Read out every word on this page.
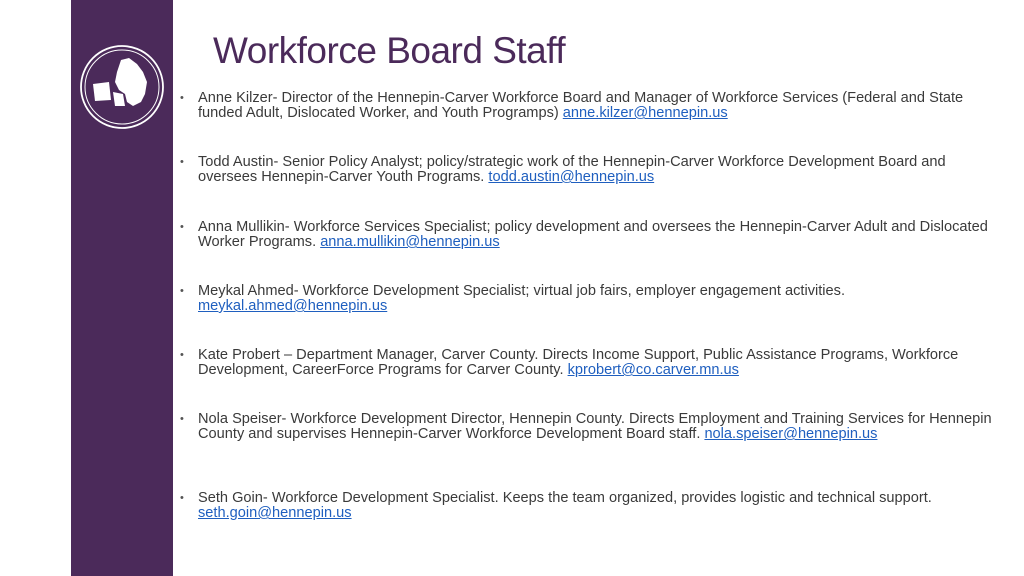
Workforce Board Staff
• Anne Kilzer- Director of the Hennepin-Carver Workforce Board and Manager of Workforce Services (Federal and State funded Adult, Dislocated Worker, and Youth Programps) anne.kilzer@hennepin.us
• Todd Austin- Senior Policy Analyst; policy/strategic work of the Hennepin-Carver Workforce Development Board and oversees Hennepin-Carver Youth Programs. todd.austin@hennepin.us
• Anna Mullikin- Workforce Services Specialist; policy development and oversees the Hennepin-Carver Adult and Dislocated Worker Programs. anna.mullikin@hennepin.us
• Meykal Ahmed- Workforce Development Specialist; virtual job fairs, employer engagement activities. meykal.ahmed@hennepin.us
• Kate Probert – Department Manager, Carver County. Directs Income Support, Public Assistance Programs, Workforce Development, CareerForce Programs for Carver County. kprobert@co.carver.mn.us
• Nola Speiser- Workforce Development Director, Hennepin County. Directs Employment and Training Services for Hennepin County and supervises Hennepin-Carver Workforce Development Board staff. nola.speiser@hennepin.us
• Seth Goin- Workforce Development Specialist. Keeps the team organized, provides logistic and technical support. seth.goin@hennepin.us
